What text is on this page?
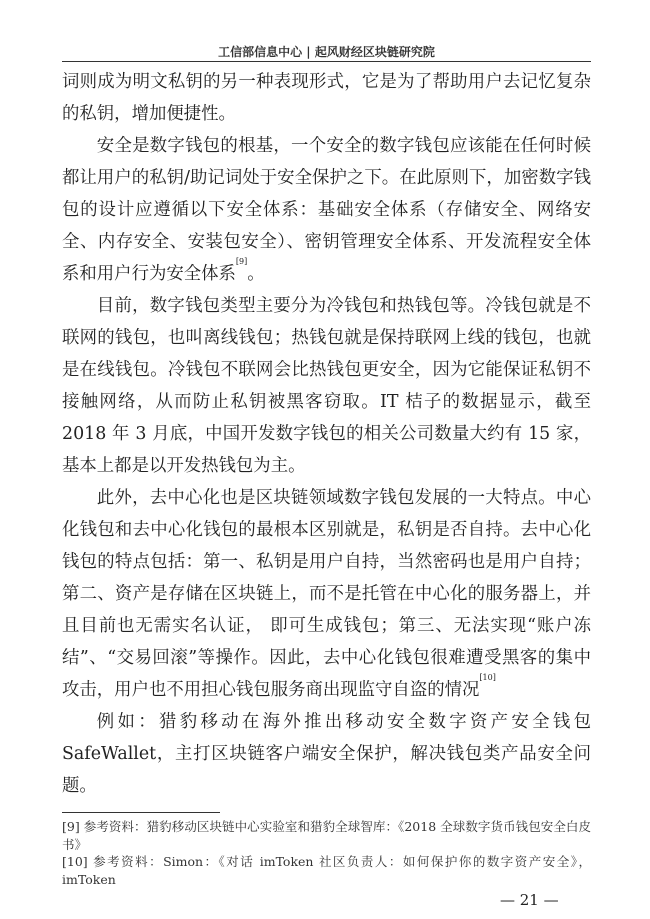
工信部信息中心 | 起风财经区块链研究院

词则成为明文私钥的另一种表现形式，它是为了帮助用户去记忆复杂的私钥，增加便捷性。

安全是数字钱包的根基，一个安全的数字钱包应该能在任何时候都让用户的私钥/助记词处于安全保护之下。在此原则下，加密数字钱包的设计应遵循以下安全体系：基础安全体系（存储安全、网络安全、内存安全、安装包安全）、密钥管理安全体系、开发流程安全体系和用户行为安全体系[9]。

目前，数字钱包类型主要分为冷钱包和热钱包等。冷钱包就是不联网的钱包，也叫离线钱包；热钱包就是保持联网上线的钱包，也就是在线钱包。冷钱包不联网会比热钱包更安全，因为它能保证私钥不接触网络，从而防止私钥被黑客窃取。IT 桔子的数据显示，截至 2018 年 3 月底，中国开发数字钱包的相关公司数量大约有 15 家，基本上都是以开发热钱包为主。

此外，去中心化也是区块链领域数字钱包发展的一大特点。中心化钱包和去中心化钱包的最根本区别就是，私钥是否自持。去中心化钱包的特点包括：第一、私钥是用户自持，当然密码也是用户自持；第二、资产是存储在区块链上，而不是托管在中心化的服务器上，并且目前也无需实名认证， 即可生成钱包；第三、无法实现“账户冻结”、“交易回滚”等操作。因此，去中心化钱包很难遭受黑客的集中攻击，用户也不用担心钱包服务商出现监守自盗的情况[10]

例如：猎豹移动在海外推出移动安全数字资产安全钱包 SafeWallet，主打区块链客户端安全保护，解决钱包类产品安全问题。

[9] 参考资料：猎豹移动区块链中心实验室和猎豹全球智库：《2018 全球数字货币钱包安全白皮书》
[10] 参考资料：Simon：《对话 imToken 社区负责人：如何保护你的数字资产安全》，imToken
— 21 —
